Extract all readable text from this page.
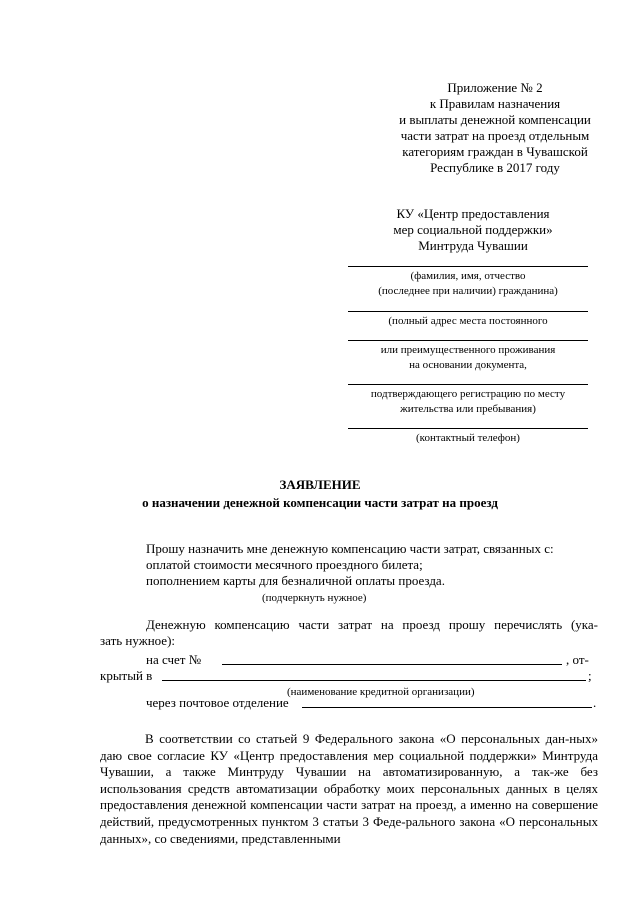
Приложение № 2
к Правилам назначения
и выплаты денежной компенсации
части затрат на проезд отдельным
категориям граждан в Чувашской
Республике в 2017 году
КУ «Центр предоставления
мер социальной поддержки»
Минтруда Чувашии
(фамилия, имя, отчество
(последнее при наличии) гражданина)
(полный адрес места постоянного
или преимущественного проживания
на основании документа,
подтверждающего регистрацию по месту
жительства или пребывания)
(контактный телефон)
ЗАЯВЛЕНИЕ
о назначении денежной компенсации части затрат на проезд
Прошу назначить мне денежную компенсацию части затрат, связанных с:
оплатой стоимости месячного проездного билета;
пополнением карты для безналичной оплаты проезда.
(подчеркнуть нужное)
Денежную компенсацию части затрат на проезд прошу перечислять (ука-
зать нужное):
на счет №	, от-
крытый в	;
(наименование кредитной организации)
через почтовое отделение	.
В соответствии со статьей 9 Федерального закона «О персональных дан-ных» даю свое согласие КУ «Центр предоставления мер социальной поддержки» Минтруда Чувашии, а также Минтруду Чувашии на автоматизированную, а так-же без использования средств автоматизации обработку моих персональных данных в целях предоставления денежной компенсации части затрат на проезд, а именно на совершение действий, предусмотренных пунктом 3 статьи 3 Феде-рального закона «О персональных данных», со сведениями, представленными
